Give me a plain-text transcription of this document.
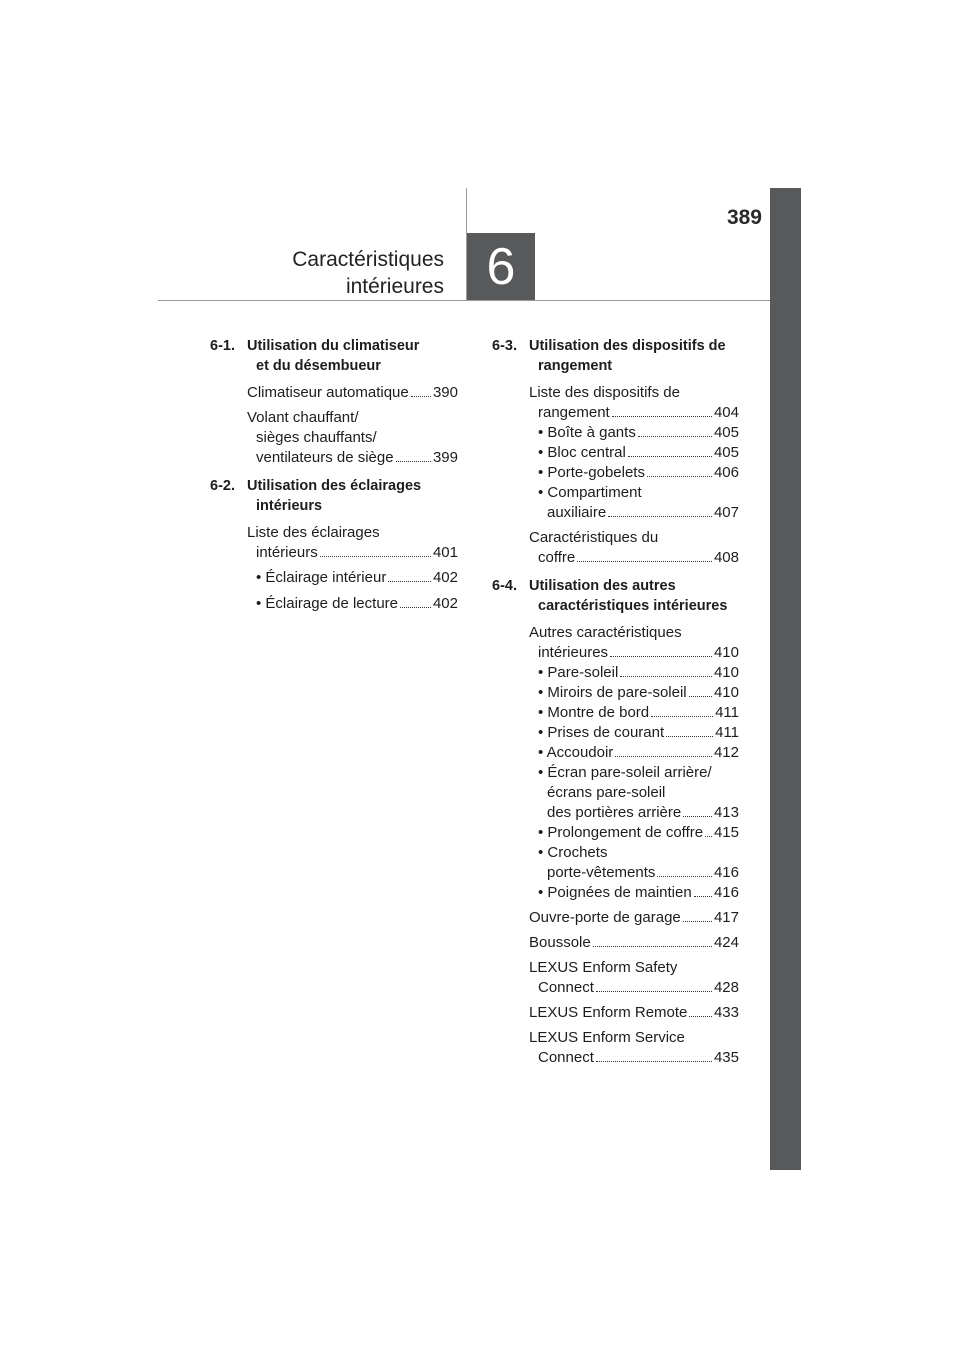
389
Caractéristiques
intérieures 6
6-1. Utilisation du climatiseur
et du désembueur
Climatiseur automatique 390
Volant chauffant/
sièges chauffants/
ventilateurs de siège	399
6-2. Utilisation des éclairages
intérieurs
Liste des éclairages
intérieurs	401
• Éclairage intérieur	402
• Éclairage de lecture 402
6-3. Utilisation des dispositifs de
rangement
Liste des dispositifs de
rangement	404
• Boîte à gants	405
• Bloc central	405
• Porte-gobelets	406
• Compartiment
auxiliaire	407
Caractéristiques du
coffre	408
6-4. Utilisation des autres
caractéristiques intérieures
Autres caractéristiques
intérieures	410
• Pare-soleil	410
• Miroirs de pare-soleil 410
• Montre de bord	411
• Prises de courant	411
• Accoudoir	412
• Écran pare-soleil arrière/
écrans pare-soleil
des portières arrière 413
• Prolongement de coffre 415
• Crochets
porte-vêtements	416
• Poignées de maintien 416
Ouvre-porte de garage 417
Boussole	424
LEXUS Enform Safety
Connect	428
LEXUS Enform Remote 433
LEXUS Enform Service
Connect	435
